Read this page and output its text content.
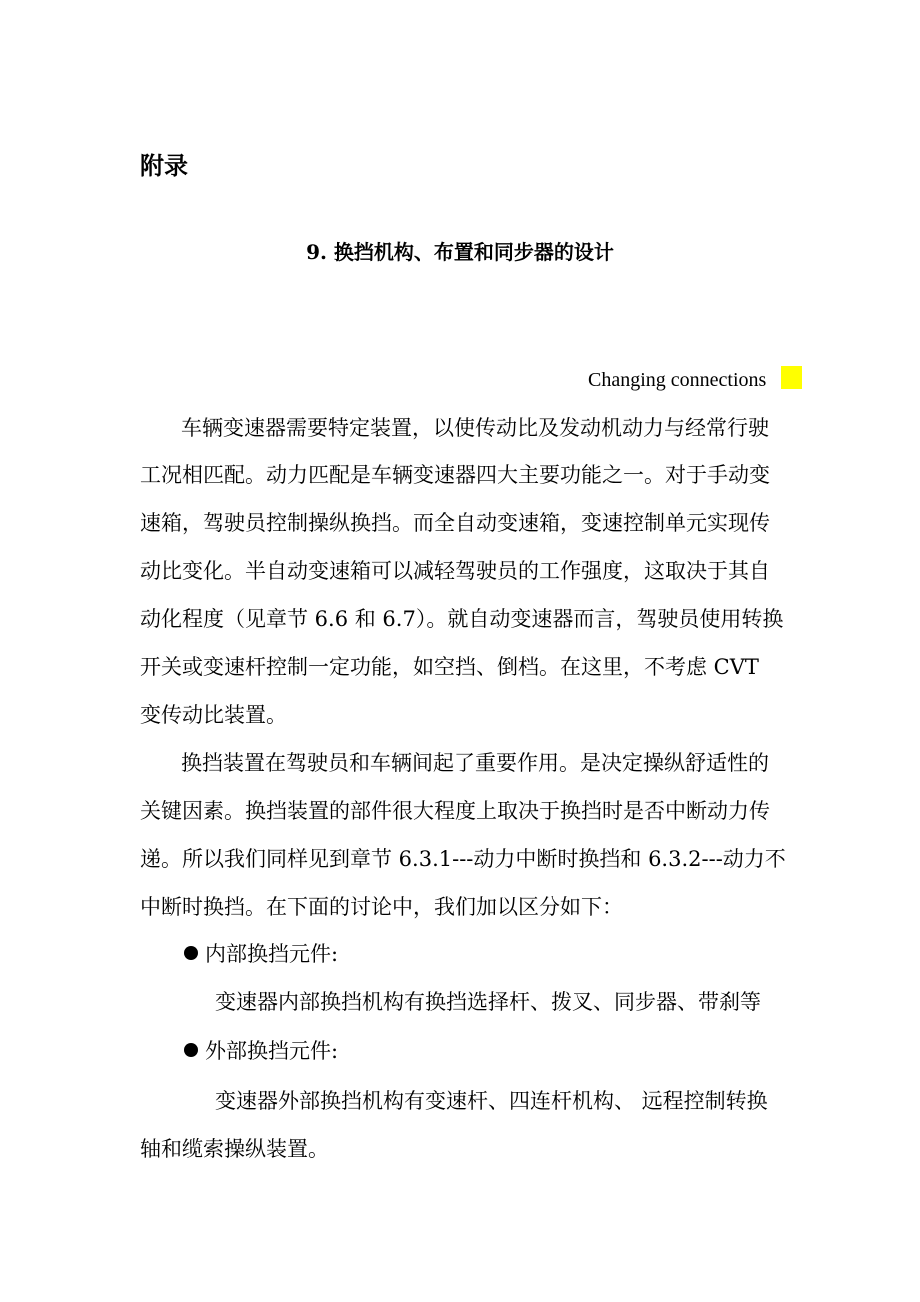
附录
9. 换挡机构、布置和同步器的设计
Changing connections
车辆变速器需要特定装置，以使传动比及发动机动力与经常行驶
工况相匹配。动力匹配是车辆变速器四大主要功能之一。对于手动变
速箱，驾驶员控制操纵换挡。而全自动变速箱，变速控制单元实现传
动比变化。半自动变速箱可以减轻驾驶员的工作强度，这取决于其自
动化程度（见章节 6.6 和 6.7）。就自动变速器而言，驾驶员使用转换
开关或变速杆控制一定功能，如空挡、倒档。在这里，不考虑 CVT
变传动比装置。
换挡装置在驾驶员和车辆间起了重要作用。是决定操纵舒适性的
关键因素。换挡装置的部件很大程度上取决于换挡时是否中断动力传
递。所以我们同样见到章节 6.3.1---动力中断时换挡和 6.3.2---动力不
中断时换挡。在下面的讨论中，我们加以区分如下：
内部换挡元件:
变速器内部换挡机构有换挡选择杆、拨叉、同步器、带刹等
外部换挡元件:
变速器外部换挡机构有变速杆、四连杆机构、 远程控制转换
轴和缆索操纵装置。
